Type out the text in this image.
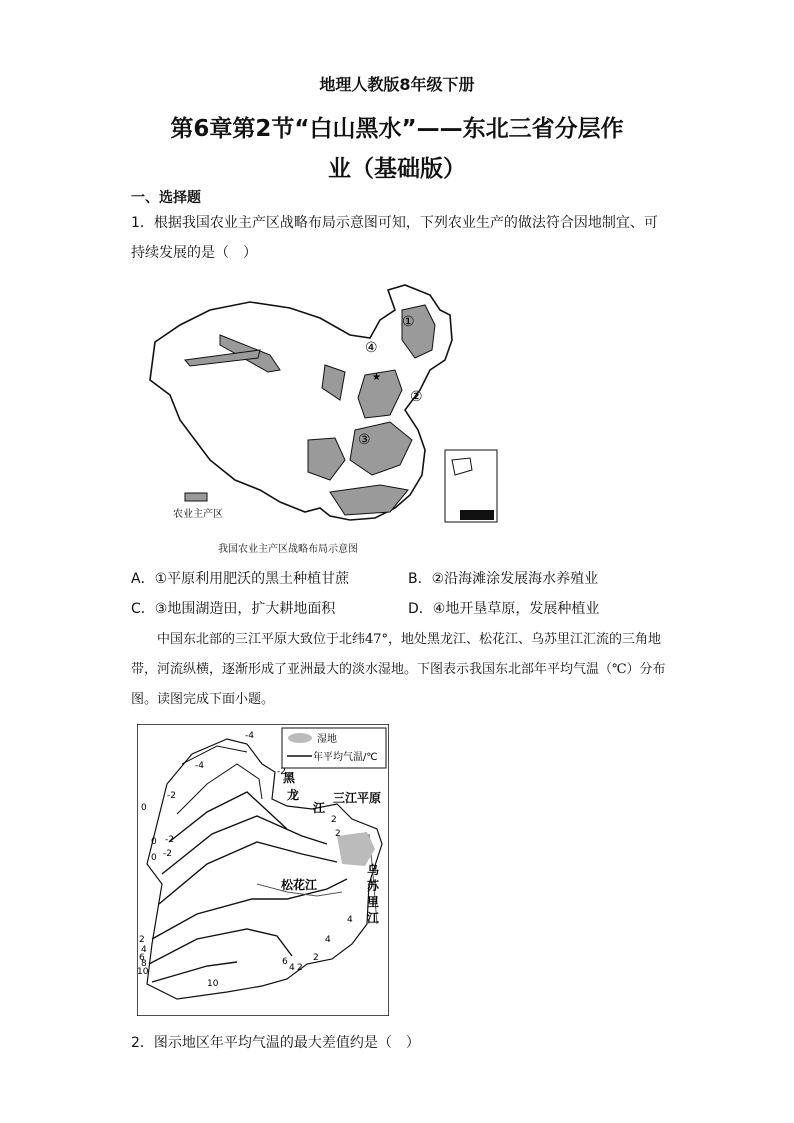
地理人教版8年级下册
第6章第2节“白山黑水”——东北三省分层作
业（基础版）
一、选择题
1．根据我国农业主产区战略布局示意图可知，下列农业生产的做法符合因地制宜、可持续发展的是（　）
①
②
③
④
★
农业主产区
我国农业主产区战略布局示意图
A．①平原利用肥沃的黑土种植甘蔗	B．②沿海滩涂发展海水养殖业
C．③地围湖造田，扩大耕地面积	D．④地开垦草原，发展种植业
中国东北部的三江平原大致位于北纬47°，地处黑龙江、松花江、乌苏里江汇流的三角地带，河流纵横，逐渐形成了亚洲最大的淡水湿地。下图表示我国东北部年平均气温（℃）分布图。读图完成下面小题。
湿地
年平均气温/℃
黑
龙
江
三江平原
松花江
乌
苏
里
江
-4
-4
-2
-2
0
-2
0
-2
0
2
2
4
6
8
10
10
6
4 2
2
4
4
2
2．图示地区年平均气温的最大差值约是（　）
